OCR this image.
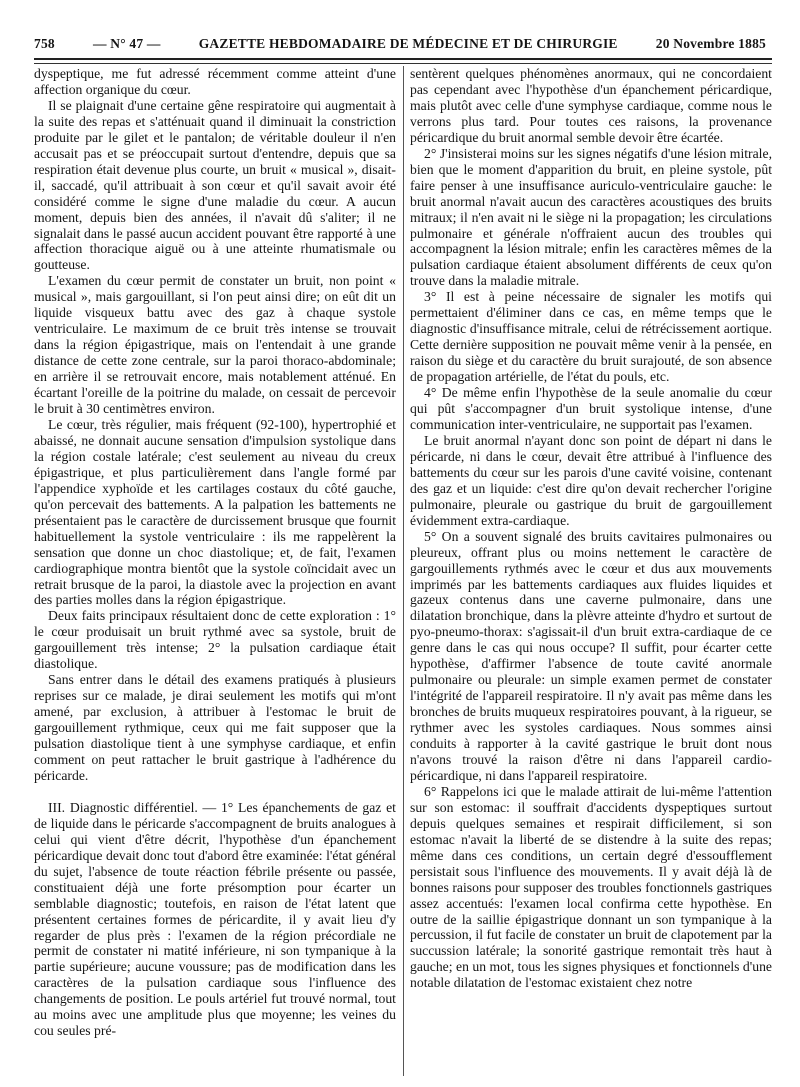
758	— N° 47 —	GAZETTE HEBDOMADAIRE DE MÉDECINE ET DE CHIRURGIE	20 Novembre 1885

dyspeptique, me fut adressé récemment comme atteint d'une affection organique du cœur.

Il se plaignait d'une certaine gêne respiratoire qui augmentait à la suite des repas et s'atténuait quand il diminuait la constriction produite par le gilet et le pantalon; de véritable douleur il n'en accusait pas et se préoccupait surtout d'entendre, depuis que sa respiration était devenue plus courte, un bruit « musical », disait-il, saccadé, qu'il attribuait à son cœur et qu'il savait avoir été considéré comme le signe d'une maladie du cœur. A aucun moment, depuis bien des années, il n'avait dû s'aliter; il ne signalait dans le passé aucun accident pouvant être rapporté à une affection thoracique aiguë ou à une atteinte rhumatismale ou goutteuse.

L'examen du cœur permit de constater un bruit, non point « musical », mais gargouillant, si l'on peut ainsi dire; on eût dit un liquide visqueux battu avec des gaz à chaque systole ventriculaire. Le maximum de ce bruit très intense se trouvait dans la région épigastrique, mais on l'entendait à une grande distance de cette zone centrale, sur la paroi thoraco-abdominale; en arrière il se retrouvait encore, mais notablement atténué. En écartant l'oreille de la poitrine du malade, on cessait de percevoir le bruit à 30 centimètres environ.

Le cœur, très régulier, mais fréquent (92-100), hypertrophié et abaissé, ne donnait aucune sensation d'impulsion systolique dans la région costale latérale; c'est seulement au niveau du creux épigastrique, et plus particulièrement dans l'angle formé par l'appendice xyphoïde et les cartilages costaux du côté gauche, qu'on percevait des battements. A la palpation les battements ne présentaient pas le caractère de durcissement brusque que fournit habituellement la systole ventriculaire : ils me rappelèrent la sensation que donne un choc diastolique; et, de fait, l'examen cardiographique montra bientôt que la systole coïncidait avec un retrait brusque de la paroi, la diastole avec la projection en avant des parties molles dans la région épigastrique.

Deux faits principaux résultaient donc de cette exploration : 1° le cœur produisait un bruit rythmé avec sa systole, bruit de gargouillement très intense; 2° la pulsation cardiaque était diastolique.

Sans entrer dans le détail des examens pratiqués à plusieurs reprises sur ce malade, je dirai seulement les motifs qui m'ont amené, par exclusion, à attribuer à l'estomac le bruit de gargouillement rythmique, ceux qui me fait supposer que la pulsation diastolique tient à une symphyse cardiaque, et enfin comment on peut rattacher le bruit gastrique à l'adhérence du péricarde.

III. Diagnostic différentiel. — 1° Les épanchements de gaz et de liquide dans le péricarde s'accompagnent de bruits analogues à celui qui vient d'être décrit, l'hypothèse d'un épanchement péricardique devait donc tout d'abord être examinée: l'état général du sujet, l'absence de toute réaction fébrile présente ou passée, constituaient déjà une forte présomption pour écarter un semblable diagnostic; toutefois, en raison de l'état latent que présentent certaines formes de péricardite, il y avait lieu d'y regarder de plus près : l'examen de la région précordiale ne permit de constater ni matité inférieure, ni son tympanique à la partie supérieure; aucune voussure; pas de modification dans les caractères de la pulsation cardiaque sous l'influence des changements de position. Le pouls artériel fut trouvé normal, tout au moins avec une amplitude plus que moyenne; les veines du cou seules pré-

sentèrent quelques phénomènes anormaux, qui ne concordaient pas cependant avec l'hypothèse d'un épanchement péricardique, mais plutôt avec celle d'une symphyse cardiaque, comme nous le verrons plus tard. Pour toutes ces raisons, la provenance péricardique du bruit anormal semble devoir être écartée.

2° J'insisterai moins sur les signes négatifs d'une lésion mitrale, bien que le moment d'apparition du bruit, en pleine systole, pût faire penser à une insuffisance auriculo-ventriculaire gauche: le bruit anormal n'avait aucun des caractères acoustiques des bruits mitraux; il n'en avait ni le siège ni la propagation; les circulations pulmonaire et générale n'offraient aucun des troubles qui accompagnent la lésion mitrale; enfin les caractères mêmes de la pulsation cardiaque étaient absolument différents de ceux qu'on trouve dans la maladie mitrale.

3° Il est à peine nécessaire de signaler les motifs qui permettaient d'éliminer dans ce cas, en même temps que le diagnostic d'insuffisance mitrale, celui de rétrécissement aortique. Cette dernière supposition ne pouvait même venir à la pensée, en raison du siège et du caractère du bruit surajouté, de son absence de propagation artérielle, de l'état du pouls, etc.

4° De même enfin l'hypothèse de la seule anomalie du cœur qui pût s'accompagner d'un bruit systolique intense, d'une communication inter-ventriculaire, ne supportait pas l'examen.

Le bruit anormal n'ayant donc son point de départ ni dans le péricarde, ni dans le cœur, devait être attribué à l'influence des battements du cœur sur les parois d'une cavité voisine, contenant des gaz et un liquide: c'est dire qu'on devait rechercher l'origine pulmonaire, pleurale ou gastrique du bruit de gargouillement évidemment extra-cardiaque.

5° On a souvent signalé des bruits cavitaires pulmonaires ou pleureux, offrant plus ou moins nettement le caractère de gargouillements rythmés avec le cœur et dus aux mouvements imprimés par les battements cardiaques aux fluides liquides et gazeux contenus dans une caverne pulmonaire, dans une dilatation bronchique, dans la plèvre atteinte d'hydro et surtout de pyo-pneumo-thorax: s'agissait-il d'un bruit extra-cardiaque de ce genre dans le cas qui nous occupe? Il suffit, pour écarter cette hypothèse, d'affirmer l'absence de toute cavité anormale pulmonaire ou pleurale: un simple examen permet de constater l'intégrité de l'appareil respiratoire. Il n'y avait pas même dans les bronches de bruits muqueux respiratoires pouvant, à la rigueur, se rythmer avec les systoles cardiaques. Nous sommes ainsi conduits à rapporter à la cavité gastrique le bruit dont nous n'avons trouvé la raison d'être ni dans l'appareil cardio-péricardique, ni dans l'appareil respiratoire.

6° Rappelons ici que le malade attirait de lui-même l'attention sur son estomac: il souffrait d'accidents dyspeptiques surtout depuis quelques semaines et respirait difficilement, si son estomac n'avait la liberté de se distendre à la suite des repas; même dans ces conditions, un certain degré d'essoufflement persistait sous l'influence des mouvements. Il y avait déjà là de bonnes raisons pour supposer des troubles fonctionnels gastriques assez accentués: l'examen local confirma cette hypothèse. En outre de la saillie épigastrique donnant un son tympanique à la percussion, il fut facile de constater un bruit de clapotement par la succussion latérale; la sonorité gastrique remontait très haut à gauche; en un mot, tous les signes physiques et fonctionnels d'une notable dilatation de l'estomac existaient chez notre
